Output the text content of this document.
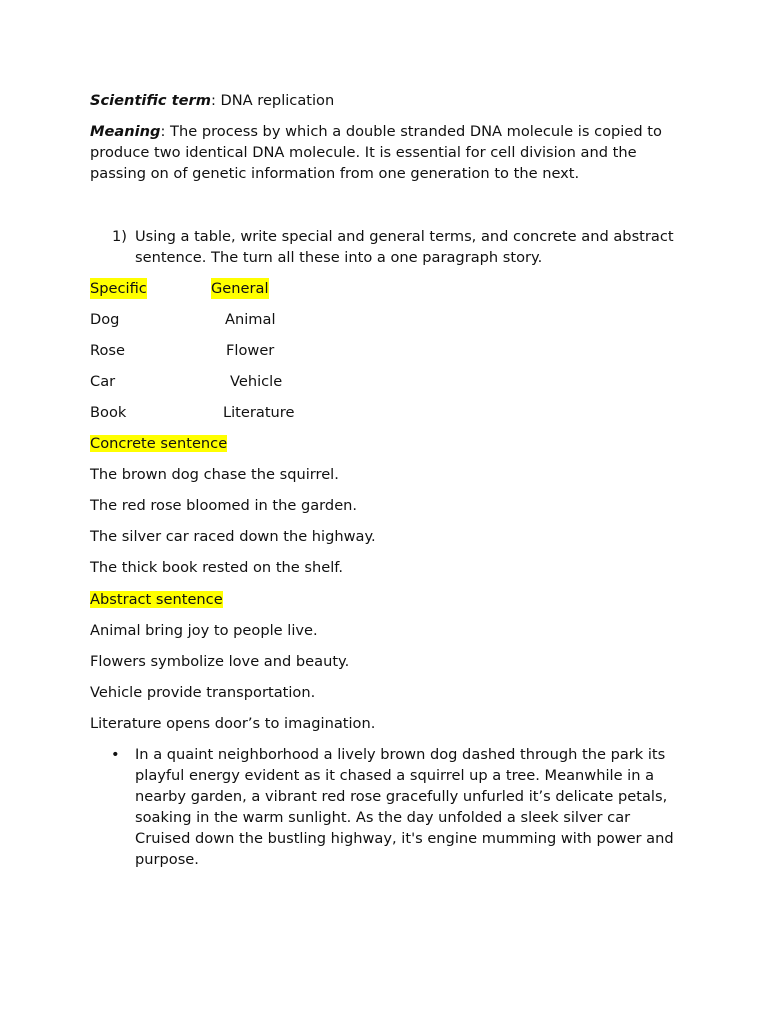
Scientific term: DNA replication

Meaning: The process by which a double stranded DNA molecule is copied to produce two identical DNA molecule. It is essential for cell division and the passing on of genetic information from one generation to the next.

1) Using a table, write special and general terms, and concrete and abstract sentence. The turn all these into a one paragraph story.
Specific	General
Dog	Animal
Rose	Flower
Car	Vehicle
Book	Literature

Concrete sentence

The brown dog chase the squirrel.

The red rose bloomed in the garden.

The silver car raced down the highway.

The thick book rested on the shelf.

Abstract sentence

Animal bring joy to people live.

Flowers symbolize love and beauty.

Vehicle provide transportation.

Literature opens door’s to imagination.

• In a quaint neighborhood a lively brown dog dashed through the park its playful energy evident as it chased a squirrel up a tree. Meanwhile in a nearby garden, a vibrant red rose gracefully unfurled it’s delicate petals, soaking in the warm sunlight. As the day unfolded a sleek silver car Cruised down the bustling highway, it's engine mumming with power and purpose.
